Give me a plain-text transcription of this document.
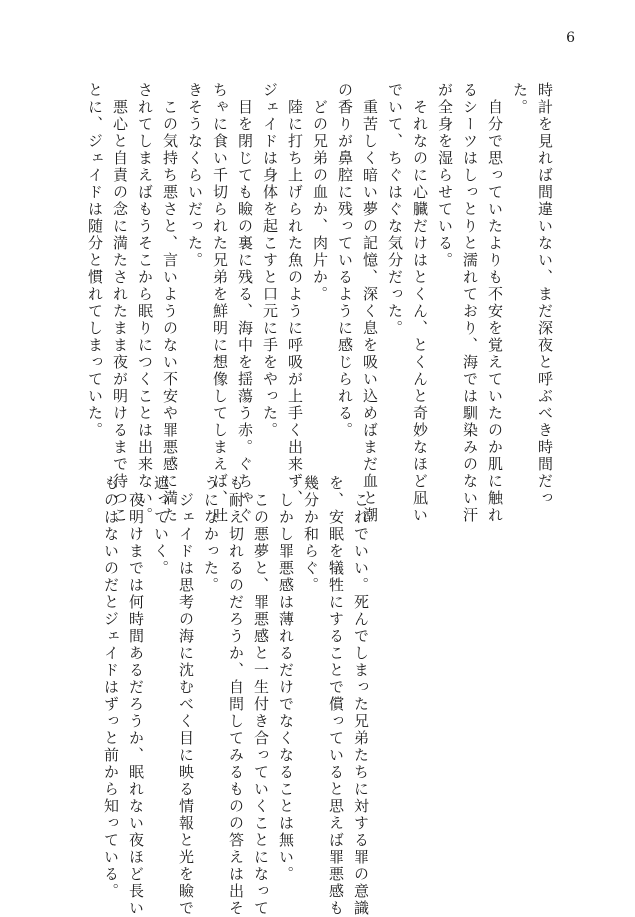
6
時計を見れば間違いない、まだ深夜と呼ぶべき時間だっ
た。
　自分で思っていたよりも不安を覚えていたのか肌に触れ
るシーツはしっとりと濡れており、海では馴染みのない汗
が全身を湿らせている。
　それなのに心臓だけはとくん、とくんと奇妙なほど凪い
でいて、ちぐはぐな気分だった。
　重苦しく暗い夢の記憶、深く息を吸い込めばまだ血と潮
の香りが鼻腔に残っているように感じられる。
　どの兄弟の血か、肉片か。
　陸に打ち上げられた魚のように呼吸が上手く出来ず、
ジェイドは身体を起こすと口元に手をやった。
　目を閉じても瞼の裏に残る、海中を揺蕩う赤。ぐちゃぐ
ちゃに食い千切られた兄弟を鮮明に想像してしまえば、吐
きそうなくらいだった。
　この気持ち悪さと、言いようのない不安や罪悪感に満た
されてしまえばもうそこから眠りにつくことは出来ない。
　悪心と自責の念に満たされたまま夜が明けるまで待つこ
とに、ジェイドは随分と慣れてしまっていた。
　これでいい。死んでしまった兄弟たちに対する罪の意識
を、安眠を犠牲にすることで償っていると思えば罪悪感も
幾分か和らぐ。
　しかし罪悪感は薄れるだけでなくなることは無い。
　この悪夢と、罪悪感と一生付き合っていくことになって
も耐え切れるのだろうか、自問してみるものの答えは出そ
うになかった。
　ジェイドは思考の海に沈むべく目に映る情報と光を瞼で
遮っていく。
　夜明けまでは何時間あるだろうか、眠れない夜ほど長い
ものはないのだとジェイドはずっと前から知っている。
